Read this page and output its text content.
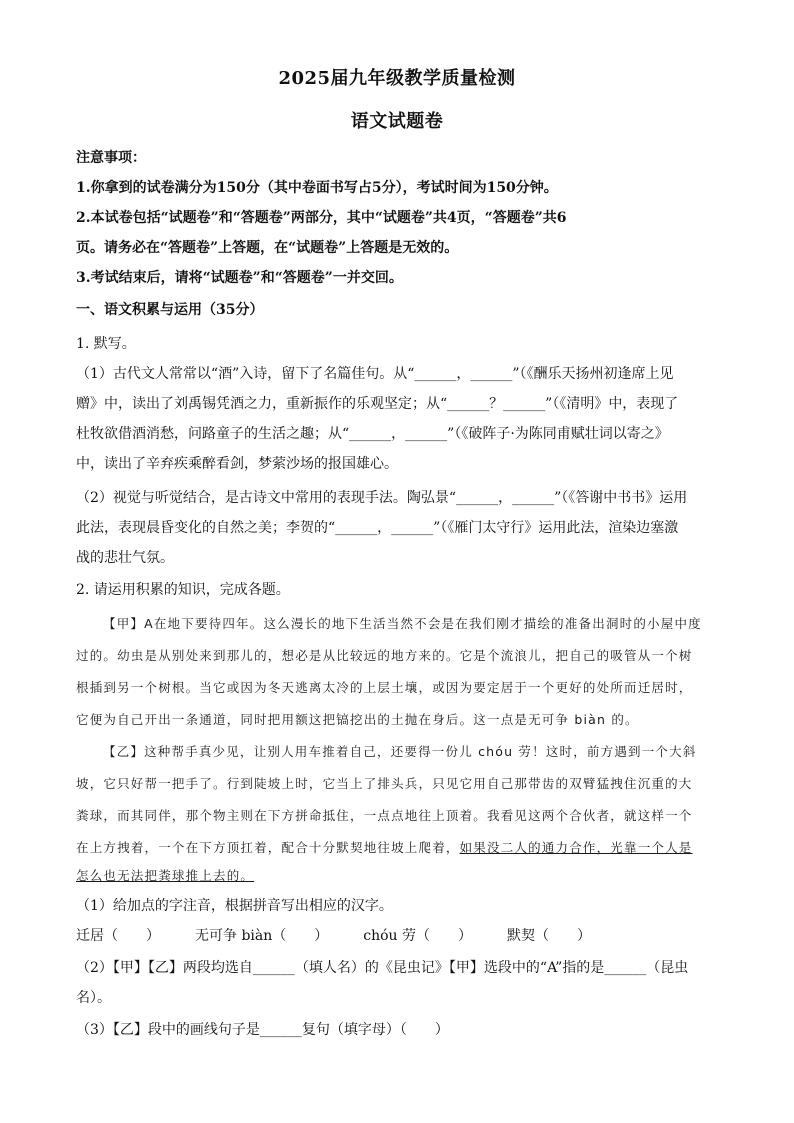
2025届九年级教学质量检测
语文试题卷
注意事项：
1.你拿到的试卷满分为150分（其中卷面书写占5分），考试时间为150分钟。
2.本试卷包括“试题卷”和“答题卷”两部分，其中“试题卷”共4页，“答题卷”共6
页。请务必在“答题卷”上答题，在“试题卷”上答题是无效的。
3.考试结束后，请将“试题卷”和“答题卷”一并交回。
一、语文积累与运用（35分）
1. 默写。
（1）古代文人常常以“酒”入诗，留下了名篇佳句。从“______，______”（《酬乐天扬州初逢席上见
赠》中，读出了刘禹锡凭酒之力，重新振作的乐观坚定；从“______？______”（《清明》中，表现了
杜牧欲借酒消愁，问路童子的生活之趣；从“______，______”（《破阵子·为陈同甫赋壮词以寄之》
中，读出了辛弃疾乘醉看剑，梦萦沙场的报国雄心。
（2）视觉与听觉结合，是古诗文中常用的表现手法。陶弘景“______，______”（《答谢中书书》运用
此法，表现晨昏变化的自然之美；李贺的“______，______”（《雁门太守行》运用此法，渲染边塞激
战的悲壮气氛。
2. 请运用积累的知识，完成各题。
【甲】A在地下要待四年。这么漫长的地下生活当然不会是在我们刚才描绘的准备出洞时的小屋中度
过的。幼虫是从别处来到那儿的，想必是从比较远的地方来的。它是个流浪儿，把自己的吸管从一个树
根插到另一个树根。当它或因为冬天逃离太冷的上层土壤，或因为要定居于一个更好的处所而迁居时，
它便为自己开出一条通道，同时把用额这把镐挖出的土抛在身后。这一点是无可争 biàn 的。
【乙】这种帮手真少见，让别人用车推着自己，还要得一份儿 chóu 劳！这时，前方遇到一个大斜
坡，它只好帮一把手了。行到陡坡上时，它当上了排头兵，只见它用自己那带齿的双臂猛拽住沉重的大
粪球，而其同伴，那个物主则在下方拼命抵住，一点点地往上顶着。我看见这两个合伙者，就这样一个
在上方拽着，一个在下方顶扛着，配合十分默契地往坡上爬着，如果没二人的通力合作，光靠一个人是
怎么也无法把粪球推上去的。
（1）给加点的字注音，根据拼音写出相应的汉字。
迁居（　　）　　　无可争 biàn（　　）　　　chóu 劳（　　）　　　默契（　　）
（2）【甲】【乙】两段均选自______（填人名）的《昆虫记》【甲】选段中的“A”指的是______（昆虫
名）。
（3）【乙】段中的画线句子是______复句（填字母）（　　）
